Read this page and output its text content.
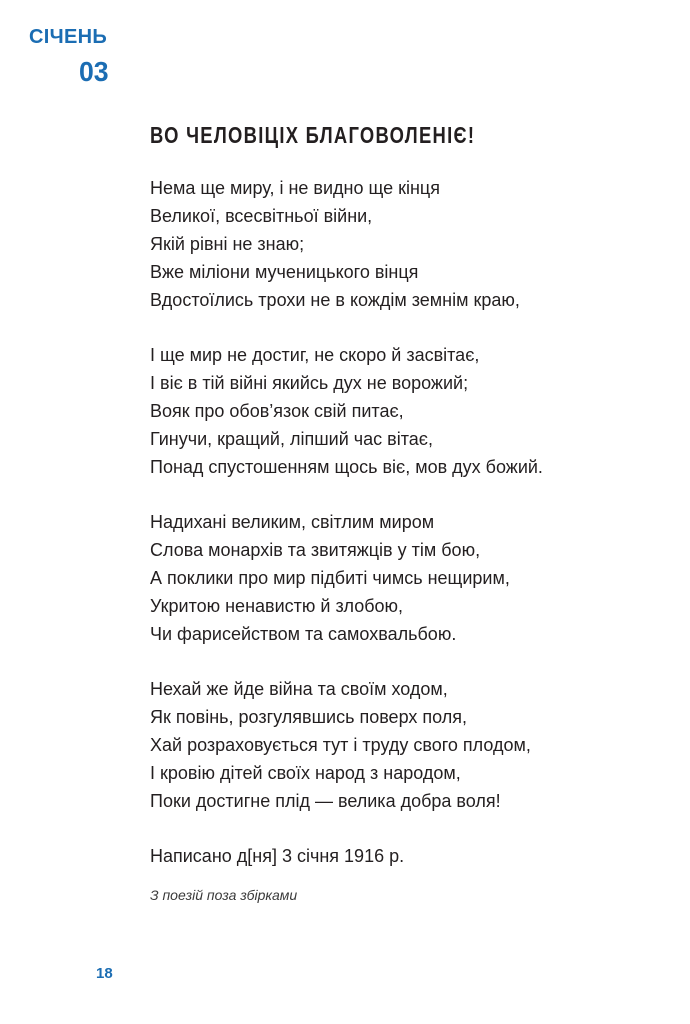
СІЧЕНЬ
03
ВО ЧЕЛОВІЦІХ БЛАГОВОЛЕНІЄ!
Нема ще миру, і не видно ще кінця
Великої, всесвітньої війни,
Якій рівні не знаю;
Вже міліони мученицького вінця
Вдостоїлись трохи не в кождім земнім краю,
І ще мир не достиг, не скоро й засвітає,
І віє в тій війні якийсь дух не ворожий;
Вояк про обов’язок свій питає,
Гинучи, кращий, ліпший час вітає,
Понад спустошенням щось віє, мов дух божий.
Надихані великим, світлим миром
Слова монархів та звитяжців у тім бою,
А поклики про мир підбиті чимсь нещирим,
Укритою ненавистю й злобою,
Чи фарисейством та самохвальбою.
Нехай же йде війна та своїм ходом,
Як повінь, розгулявшись поверх поля,
Хай розраховується тут і труду свого плодом,
І кровію дітей своїх народ з народом,
Поки достигне плід — велика добра воля!
Написано д[ня] 3 січня 1916 р.
З поезій поза збірками
18
